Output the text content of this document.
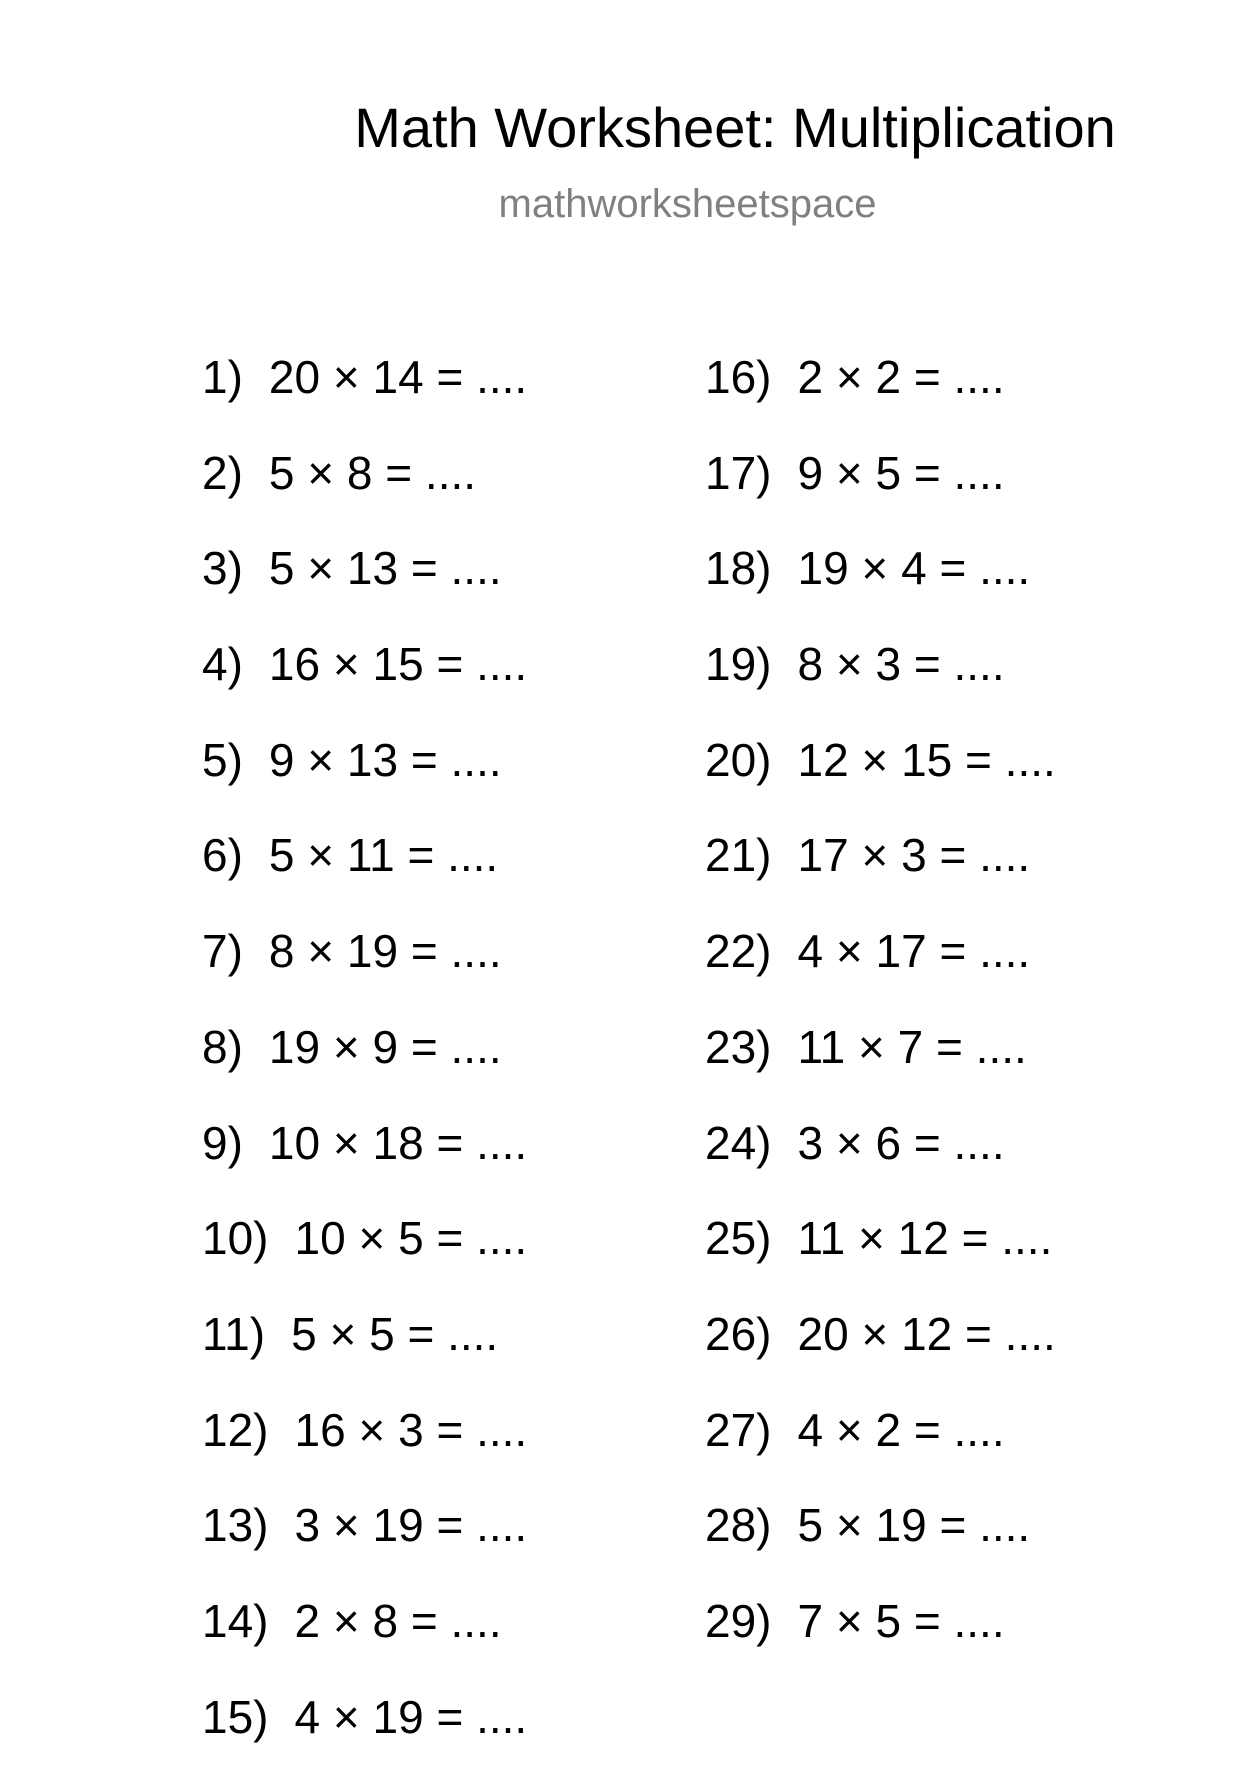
Math Worksheet: Multiplication
mathworksheetspace
1) 20 × 14 = ....
2) 5 × 8 = ....
3) 5 × 13 = ....
4) 16 × 15 = ....
5) 9 × 13 = ....
6) 5 × 11 = ....
7) 8 × 19 = ....
8) 19 × 9 = ....
9) 10 × 18 = ....
10) 10 × 5 = ....
11) 5 × 5 = ....
12) 16 × 3 = ....
13) 3 × 19 = ....
14) 2 × 8 = ....
15) 4 × 19 = ....
16) 2 × 2 = ....
17) 9 × 5 = ....
18) 19 × 4 = ....
19) 8 × 3 = ....
20) 12 × 15 = ....
21) 17 × 3 = ....
22) 4 × 17 = ....
23) 11 × 7 = ....
24) 3 × 6 = ....
25) 11 × 12 = ....
26) 20 × 12 = ....
27) 4 × 2 = ....
28) 5 × 19 = ....
29) 7 × 5 = ....
